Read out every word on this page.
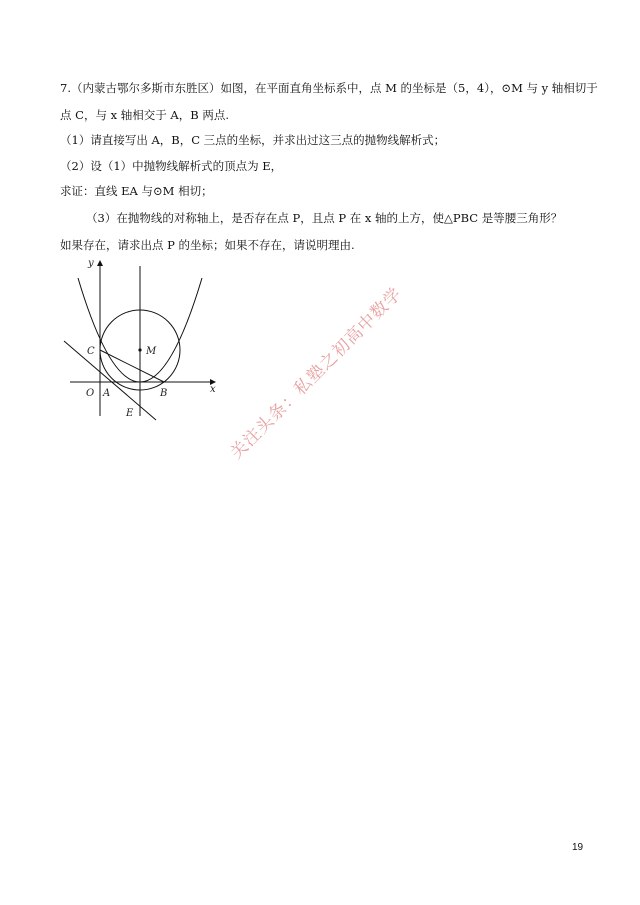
7.（内蒙古鄂尔多斯市东胜区）如图，在平面直角坐标系中，点 M 的坐标是（5，4），⊙M 与 y 轴相切于
点 C，与 x 轴相交于 A，B 两点.
（1）请直接写出 A，B，C 三点的坐标，并求出过这三点的抛物线解析式；
（2）设（1）中抛物线解析式的顶点为 E，
求证：直线 EA 与⊙M 相切；
（3）在抛物线的对称轴上，是否存在点 P，且点 P 在 x 轴的上方，使△PBC 是等腰三角形？
如果存在，请求出点 P 的坐标；如果不存在，请说明理由.
y
x
O A	B
C	M
E	关注头条：私塾之初高中数学
19
